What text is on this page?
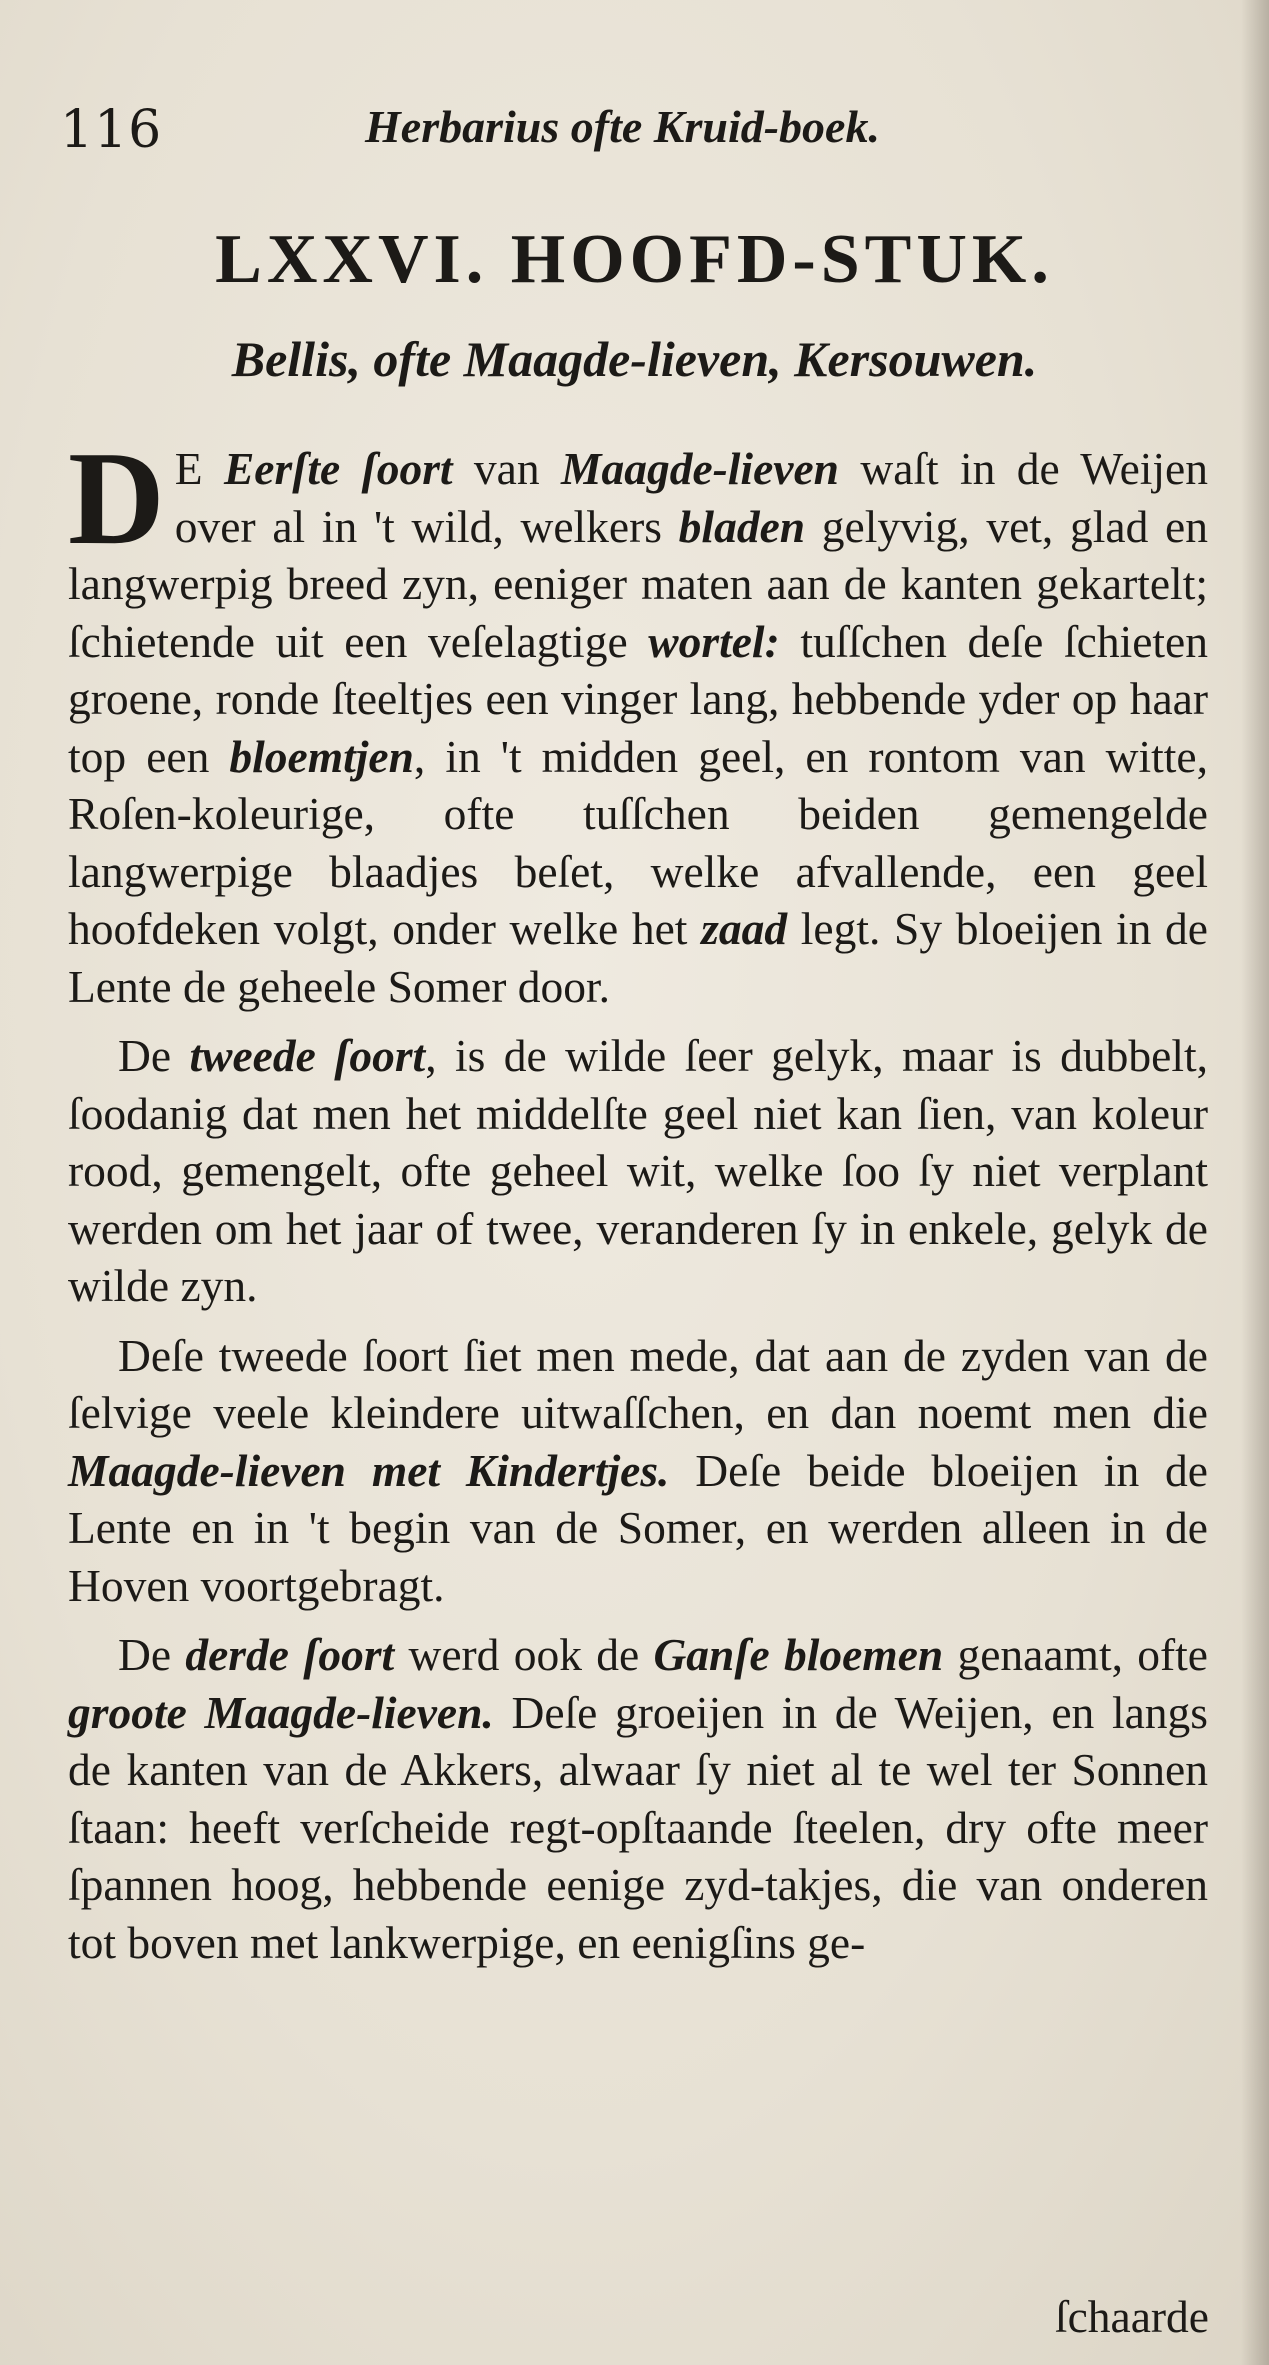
116	Herbarius ofte Kruid-boek.
LXXVI. HOOFD-STUK.
Bellis, ofte Maagde-lieven, Kersouwen.

D E Eerſte ſoort van Maagde-lieven waſt in de Weijen over al in 't wild, welkers bladen gelyvig, vet, glad en langwerpig breed zyn, eeniger maten aan de kanten gekartelt; ſchietende uit een veſelagtige wortel: tuſſchen deſe ſchieten groene, ronde ſteeltjes een vinger lang, hebbende yder op haar top een bloemtjen, in 't midden geel, en rontom van witte, Roſen-koleurige, ofte tuſſchen beiden gemengelde langwerpige blaadjes beſet, welke afvallende, een geel hoofdeken volgt, onder welke het zaad legt. Sy bloeijen in de Lente de geheele Somer door.

De tweede ſoort, is de wilde ſeer gelyk, maar is dubbelt, ſoodanig dat men het middelſte geel niet kan ſien, van koleur rood, gemengelt, ofte geheel wit, welke ſoo ſy niet verplant werden om het jaar of twee, veranderen ſy in enkele, gelyk de wilde zyn.

Deſe tweede ſoort ſiet men mede, dat aan de zyden van de ſelvige veele kleindere uitwaſſchen, en dan noemt men die Maagde-lieven met Kindertjes. Deſe beide bloeijen in de Lente en in 't begin van de Somer, en werden alleen in de Hoven voortgebragt.

De derde ſoort werd ook de Ganſe bloemen genaamt, ofte groote Maagde-lieven. Deſe groeijen in de Weijen, en langs de kanten van de Akkers, alwaar ſy niet al te wel ter Sonnen ſtaan: heeft verſcheide regt-opſtaande ſteelen, dry ofte meer ſpannen hoog, hebbende eenige zyd-takjes, die van onderen tot boven met lankwerpige, en eenigſins ge-

ſchaarde
